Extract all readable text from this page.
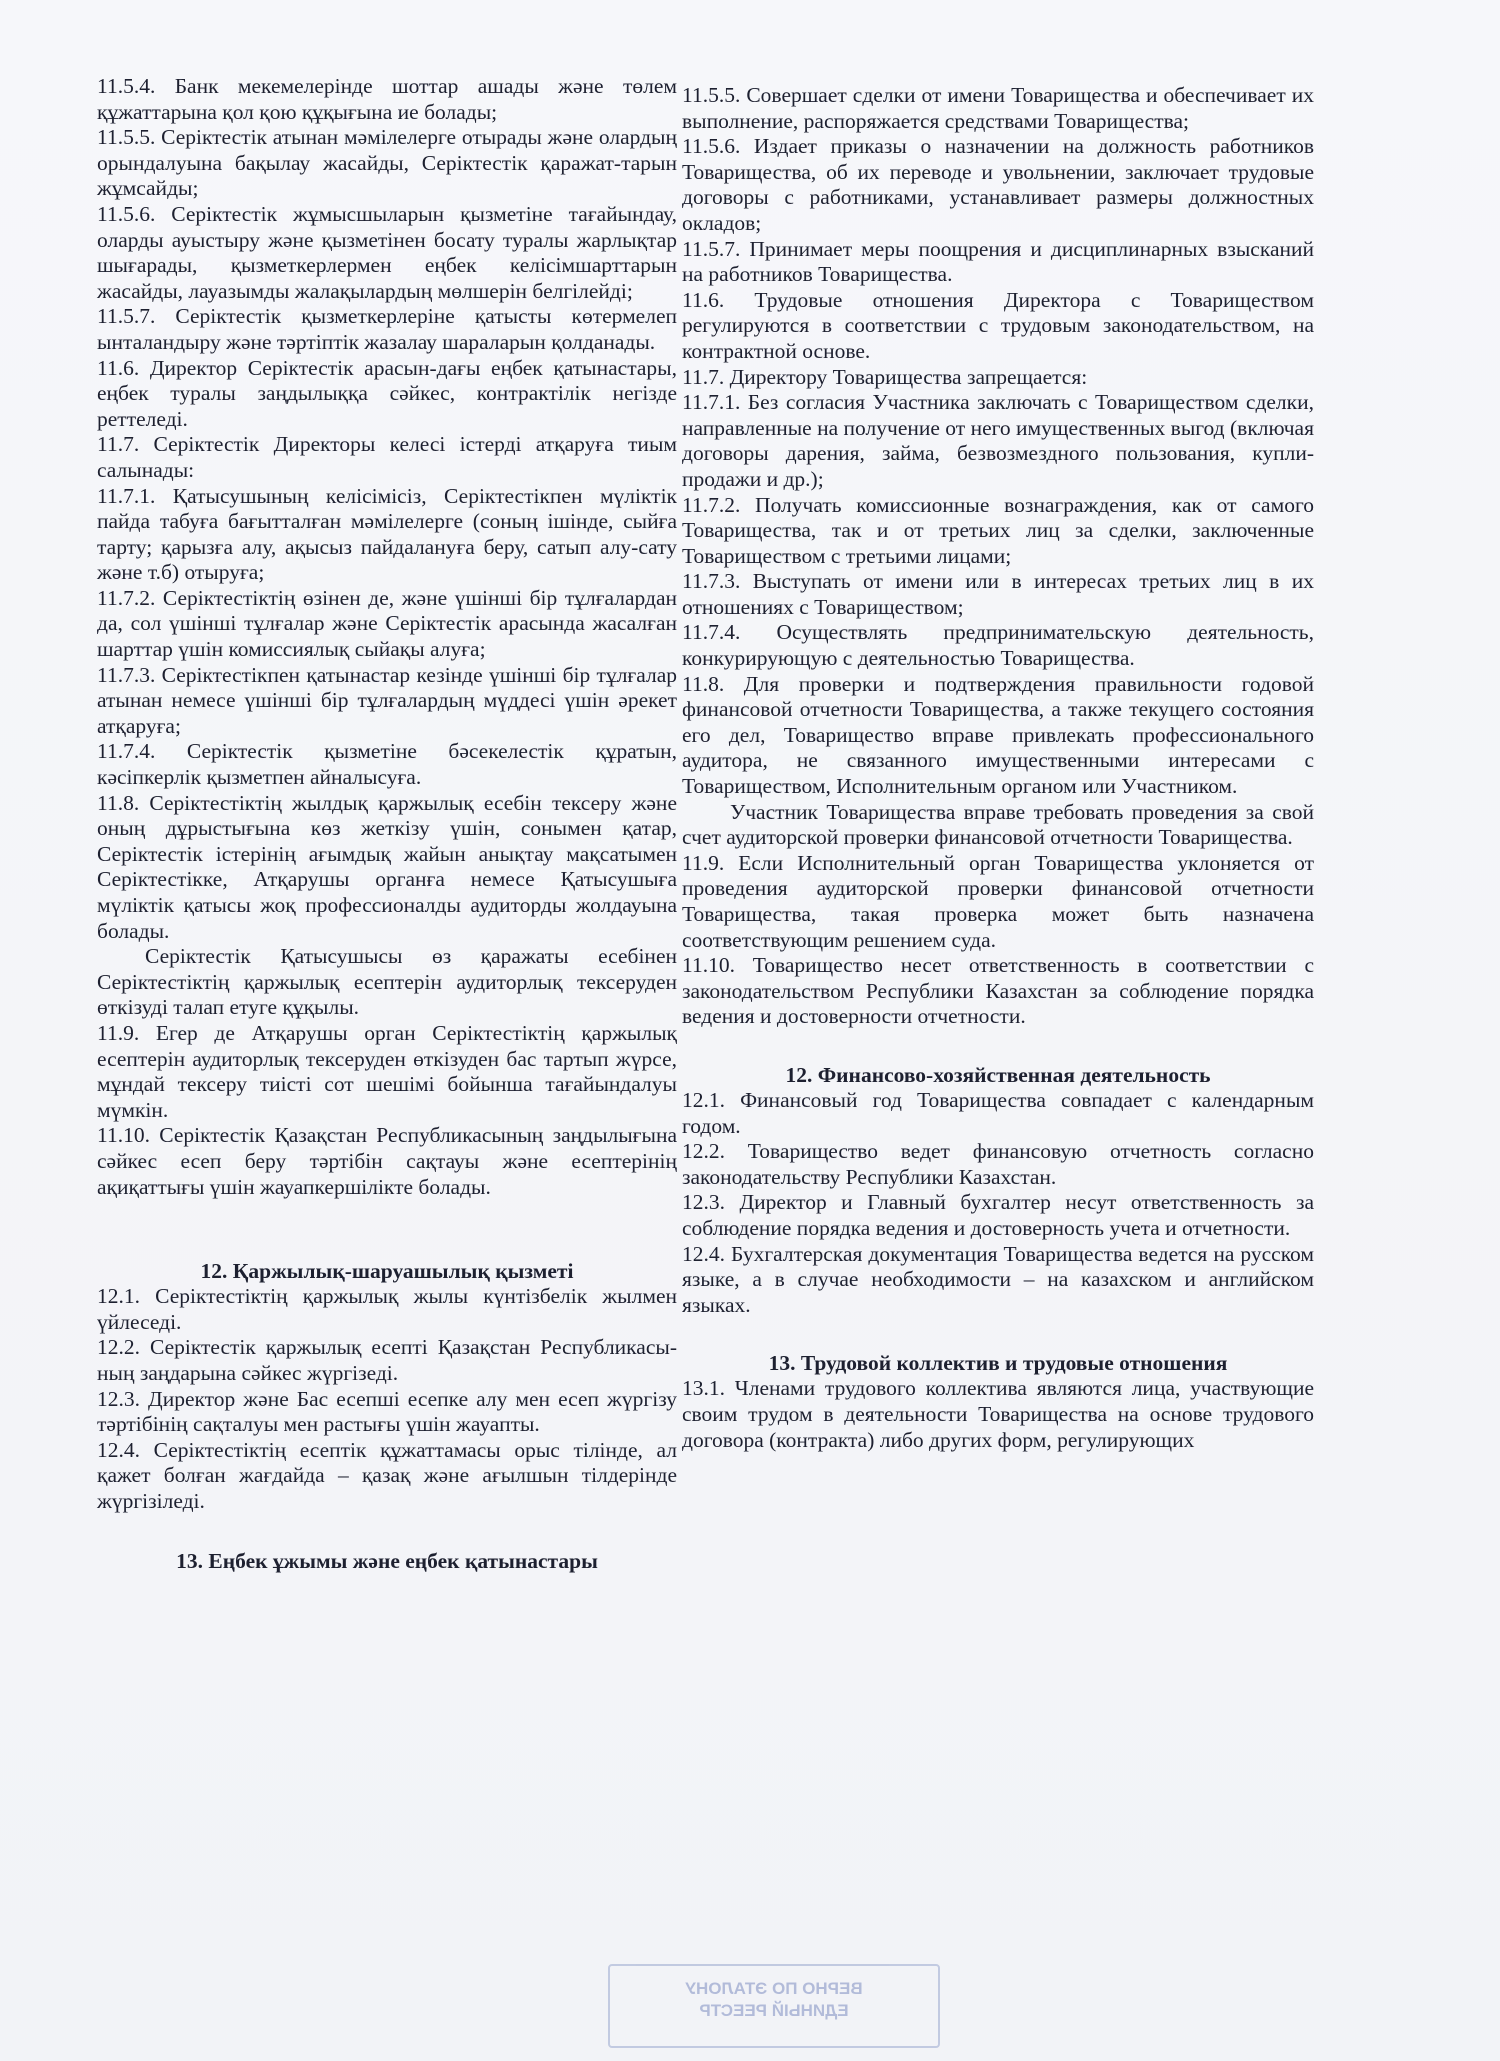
11.5.4. Банк мекемелерінде шоттар ашады және төлем құжаттарына қол қою құқығына ие болады;

11.5.5. Серіктестік атынан мәмілелерге отырады және олардың орындалуына бақылау жасайды, Серіктестік қаражат-тарын жұмсайды;

11.5.6. Серіктестік жұмысшыларын қызметіне тағайындау, оларды ауыстыру және қызметінен босату туралы жарлықтар шығарады, қызметкерлермен еңбек келісімшарттарын жасайды, лауазымды жалақылардың мөлшерін белгілейді;

11.5.7. Серіктестік қызметкерлеріне қатысты көтермелеп ынталандыру және тәртіптік жазалау шараларын қолданады.

11.6. Директор Серіктестік арасын-дағы еңбек қатынастары, еңбек туралы заңдылыққа сәйкес, контрактілік негізде реттеледі.

11.7. Серіктестік Директоры келесі істерді атқаруға тиым салынады:

11.7.1. Қатысушының келісімісіз, Серіктестікпен мүліктік пайда табуға бағытталған мәмілелерге (соның ішінде, сыйға тарту; қарызға алу, ақысыз пайдалануға беру, сатып алу-сату және т.б) отыруға;

11.7.2. Серіктестіктің өзінен де, және үшінші бір тұлғалардан да, сол үшінші тұлғалар және Серіктестік арасында жасалған шарттар үшін комиссиялық сыйақы алуға;

11.7.3. Серіктестікпен қатынастар кезінде үшінші бір тұлғалар атынан немесе үшінші бір тұлғалардың мүддесі үшін әрекет атқаруға;

11.7.4. Серіктестік қызметіне бәсекелестік құратын, кәсіпкерлік қызметпен айналысуға.

11.8. Серіктестіктің жылдық қаржылық есебін тексеру және оның дұрыстығына көз жеткізу үшін, сонымен қатар, Серіктестік істерінің ағымдық жайын анықтау мақсатымен Серіктестікке, Атқарушы органға немесе Қатысушыға мүліктік қатысы жоқ профессионалды аудиторды жолдауына болады.

Серіктестік Қатысушысы өз қаражаты есебінен Серіктестіктің қаржылық есептерін аудиторлық тексеруден өткізуді талап етуге құқылы.

11.9. Егер де Атқарушы орган Серіктестіктің қаржылық есептерін аудиторлық тексеруден өткізуден бас тартып жүрсе, мұндай тексеру тиісті сот шешімі бойынша тағайындалуы мүмкін.

11.10. Серіктестік Қазақстан Республикасының заңдылығына сәйкес есеп беру тәртібін сақтауы және есептерінің ақиқаттығы үшін жауапкершілікте болады.

12. Қаржылық-шаруашылық қызметі

12.1. Серіктестіктің қаржылық жылы күнтізбелік жылмен үйлеседі.

12.2. Серіктестік қаржылық есепті Қазақстан Республикасы-ның заңдарына сәйкес жүргізеді.

12.3. Директор және Бас есепші есепке алу мен есеп жүргізу тәртібінің сақталуы мен растығы үшін жауапты.

12.4. Серіктестіктің есептік құжаттамасы орыс тілінде, ал қажет болған жағдайда – қазақ және ағылшын тілдерінде жүргізіледі.

13. Еңбек ұжымы және еңбек қатынастары

11.5.5. Совершает сделки от имени Товарищества и обеспечивает их выполнение, распоряжается средствами Товарищества;

11.5.6. Издает приказы о назначении на должность работников Товарищества, об их переводе и увольнении, заключает трудовые договоры с работниками, устанавливает размеры должностных окладов;

11.5.7. Принимает меры поощрения и дисциплинарных взысканий на работников Товарищества.

11.6. Трудовые отношения Директора с Товариществом регулируются в соответствии с трудовым законодательством, на контрактной основе.

11.7. Директору Товарищества запрещается:

11.7.1. Без согласия Участника заключать с Товариществом сделки, направленные на получение от него имущественных выгод (включая договоры дарения, займа, безвозмездного пользования, купли-продажи и др.);

11.7.2. Получать комиссионные вознаграждения, как от самого Товарищества, так и от третьих лиц за сделки, заключенные Товариществом с третьими лицами;

11.7.3. Выступать от имени или в интересах третьих лиц в их отношениях с Товариществом;

11.7.4. Осуществлять предпринимательскую деятельность, конкурирующую с деятельностью Товарищества.

11.8. Для проверки и подтверждения правильности годовой финансовой отчетности Товарищества, а также текущего состояния его дел, Товарищество вправе привлекать профессионального аудитора, не связанного имущественными интересами с Товариществом, Исполнительным органом или Участником.

Участник Товарищества вправе требовать проведения за свой счет аудиторской проверки финансовой отчетности Товарищества.

11.9. Если Исполнительный орган Товарищества уклоняется от проведения аудиторской проверки финансовой отчетности Товарищества, такая проверка может быть назначена соответствующим решением суда.

11.10. Товарищество несет ответственность в соответствии с законодательством Республики Казахстан за соблюдение порядка ведения и достоверности отчетности.

12. Финансово-хозяйственная деятельность

12.1. Финансовый год Товарищества совпадает с календарным годом.

12.2. Товарищество ведет финансовую отчетность согласно законодательству Республики Казахстан.

12.3. Директор и Главный бухгалтер несут ответственность за соблюдение порядка ведения и достоверность учета и отчетности.

12.4. Бухгалтерская документация Товарищества ведется на русском языке, а в случае необходимости – на казахском и английском языках.

13. Трудовой коллектив и трудовые отношения

13.1. Членами трудового коллектива являются лица, участвующие своим трудом в деятельности Товарищества на основе трудового договора (контракта) либо других форм, регулирующих

ВЕРНО ПО ЭТАЛОНУ
ЕДИНЫЙ РЕЕСТР
